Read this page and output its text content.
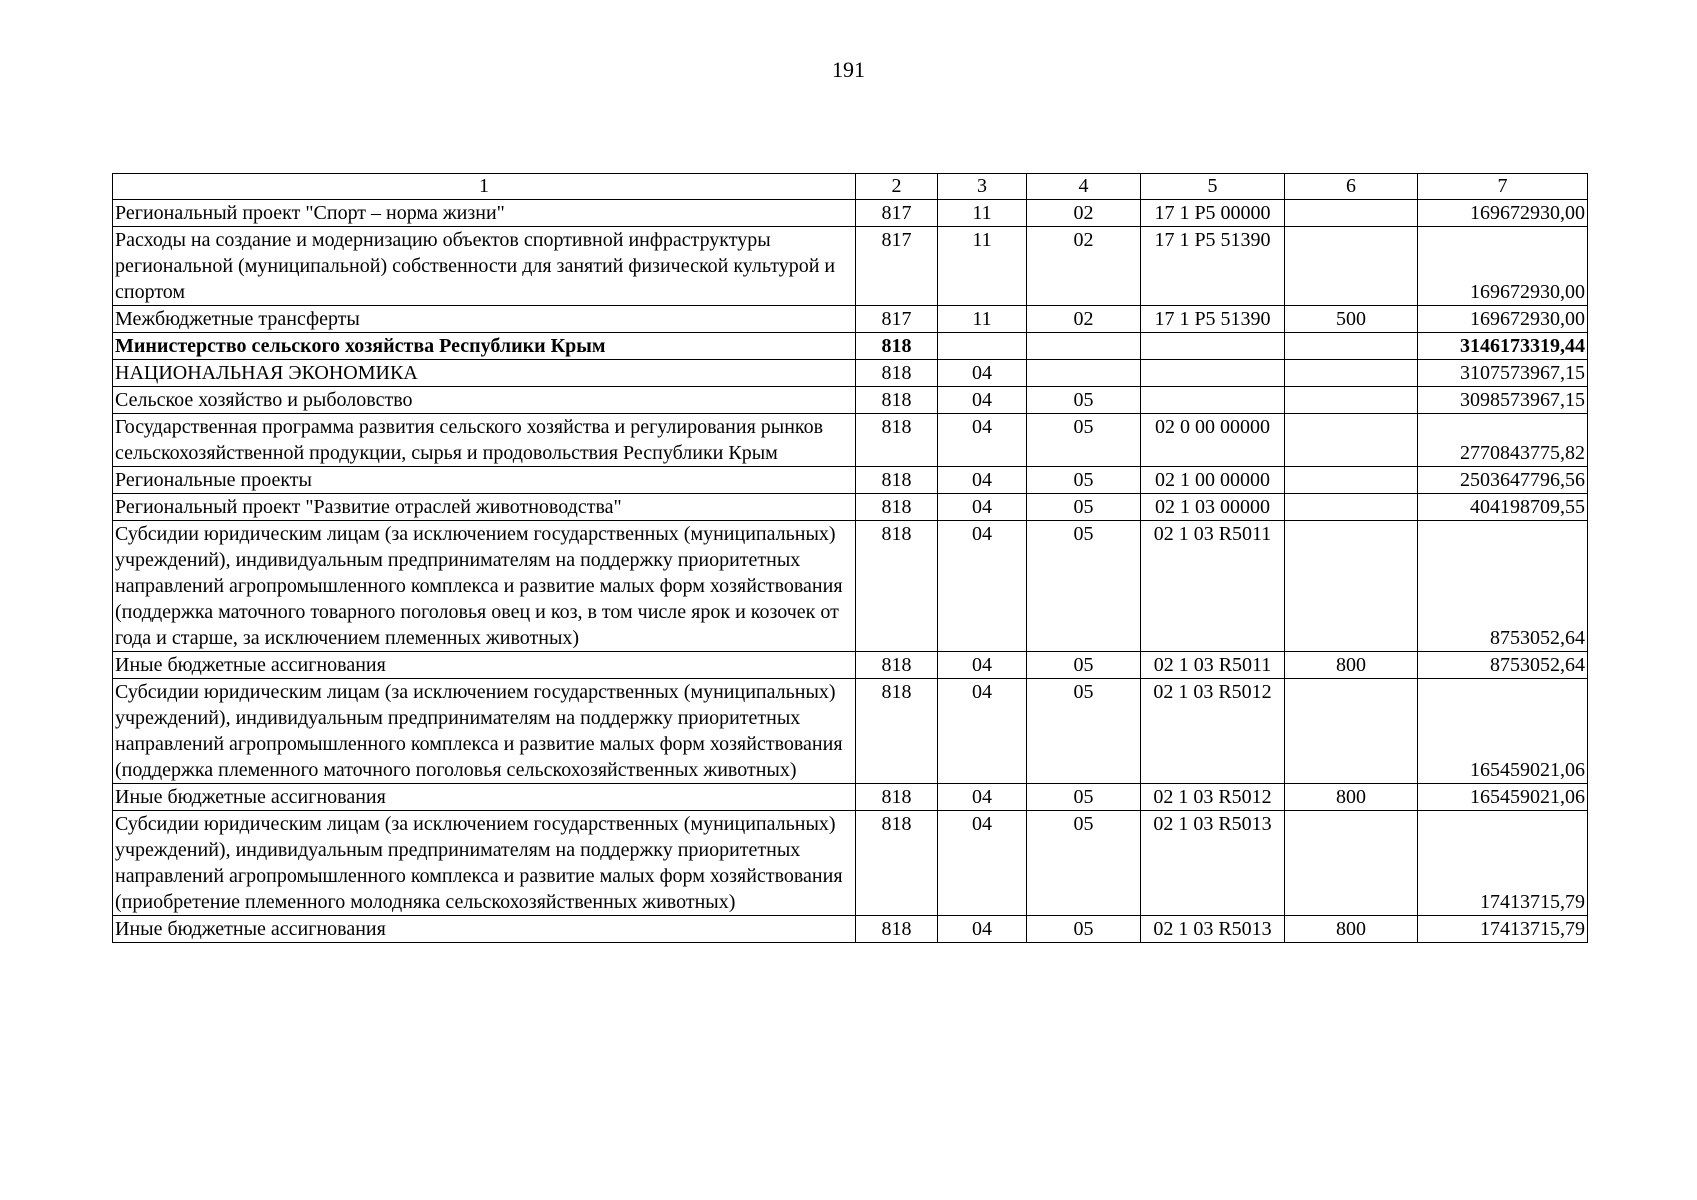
191
1	2	3	4	5	6	7
Региональный проект "Спорт – норма жизни"	817	11	02	17 1 P5 00000		169672930,00
Расходы на создание и модернизацию объектов спортивной инфраструктуры региональной (муниципальной) собственности для занятий физической культурой и спортом	817	11	02	17 1 P5 51390		169672930,00
Межбюджетные трансферты	817	11	02	17 1 P5 51390	500	169672930,00
Министерство сельского хозяйства Республики Крым	818					3146173319,44
НАЦИОНАЛЬНАЯ ЭКОНОМИКА	818	04				3107573967,15
Сельское хозяйство и рыболовство	818	04	05			3098573967,15
Государственная программа развития сельского хозяйства и регулирования рынков сельскохозяйственной продукции, сырья и продовольствия Республики Крым	818	04	05	02 0 00 00000		2770843775,82
Региональные проекты	818	04	05	02 1 00 00000		2503647796,56
Региональный проект "Развитие отраслей животноводства"	818	04	05	02 1 03 00000		404198709,55
Субсидии юридическим лицам (за исключением государственных (муниципальных) учреждений), индивидуальным предпринимателям на поддержку приоритетных направлений агропромышленного комплекса и развитие малых форм хозяйствования (поддержка маточного товарного поголовья овец и коз, в том числе ярок и козочек от года и старше, за исключением племенных животных)	818	04	05	02 1 03 R5011		8753052,64
Иные бюджетные ассигнования	818	04	05	02 1 03 R5011	800	8753052,64
Субсидии юридическим лицам (за исключением государственных (муниципальных) учреждений), индивидуальным предпринимателям на поддержку приоритетных направлений агропромышленного комплекса и развитие малых форм хозяйствования (поддержка племенного маточного поголовья сельскохозяйственных животных)	818	04	05	02 1 03 R5012		165459021,06
Иные бюджетные ассигнования	818	04	05	02 1 03 R5012	800	165459021,06
Субсидии юридическим лицам (за исключением государственных (муниципальных) учреждений), индивидуальным предпринимателям на поддержку приоритетных направлений агропромышленного комплекса и развитие малых форм хозяйствования (приобретение племенного молодняка сельскохозяйственных животных)	818	04	05	02 1 03 R5013		17413715,79
Иные бюджетные ассигнования	818	04	05	02 1 03 R5013	800	17413715,79
